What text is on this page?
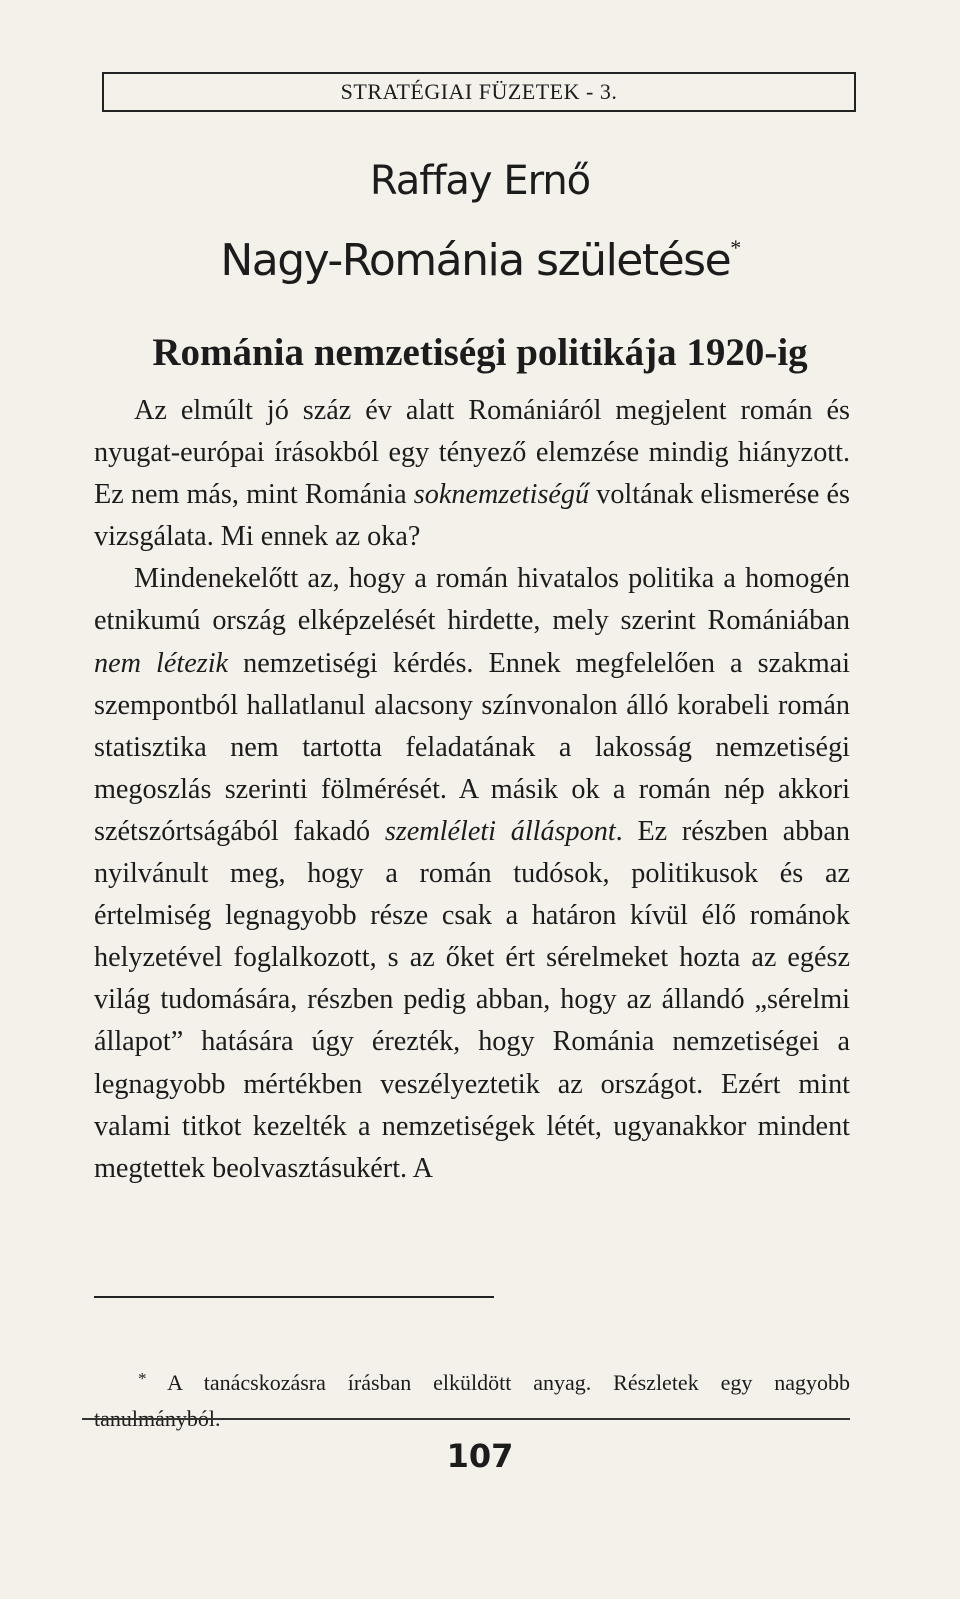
STRATÉGIAI FÜZETEK - 3.
Raffay Ernő
Nagy-Románia születése*
Románia nemzetiségi politikája 1920-ig

Az elmúlt jó száz év alatt Romániáról megjelent román és nyugat-európai írásokból egy tényező elemzése mindig hiányzott. Ez nem más, mint Románia soknemzetiségű voltának elismerése és vizsgálata. Mi ennek az oka?

Mindenekelőtt az, hogy a román hivatalos politika a homogén etnikumú ország elképzelését hirdette, mely szerint Romániában nem létezik nemzetiségi kérdés. Ennek megfelelően a szakmai szempontból hallatlanul alacsony színvonalon álló korabeli román statisztika nem tartotta feladatának a lakosság nemzetiségi megoszlás szerinti fölmérését. A másik ok a román nép akkori szétszórtságából fakadó szemléleti álláspont. Ez részben abban nyilvánult meg, hogy a román tudósok, politikusok és az értelmiség legnagyobb része csak a határon kívül élő románok helyzetével foglalkozott, s az őket ért sérelmeket hozta az egész világ tudomására, részben pedig abban, hogy az állandó „sérelmi állapot” hatására úgy érezték, hogy Románia nemzetiségei a legnagyobb mértékben veszélyeztetik az országot. Ezért mint valami titkot kezelték a nemzetiségek létét, ugyanakkor mindent megtettek beolvasztásukért. A

* A tanácskozásra írásban elküldött anyag. Részletek egy nagyobb tanulmányból.
107
